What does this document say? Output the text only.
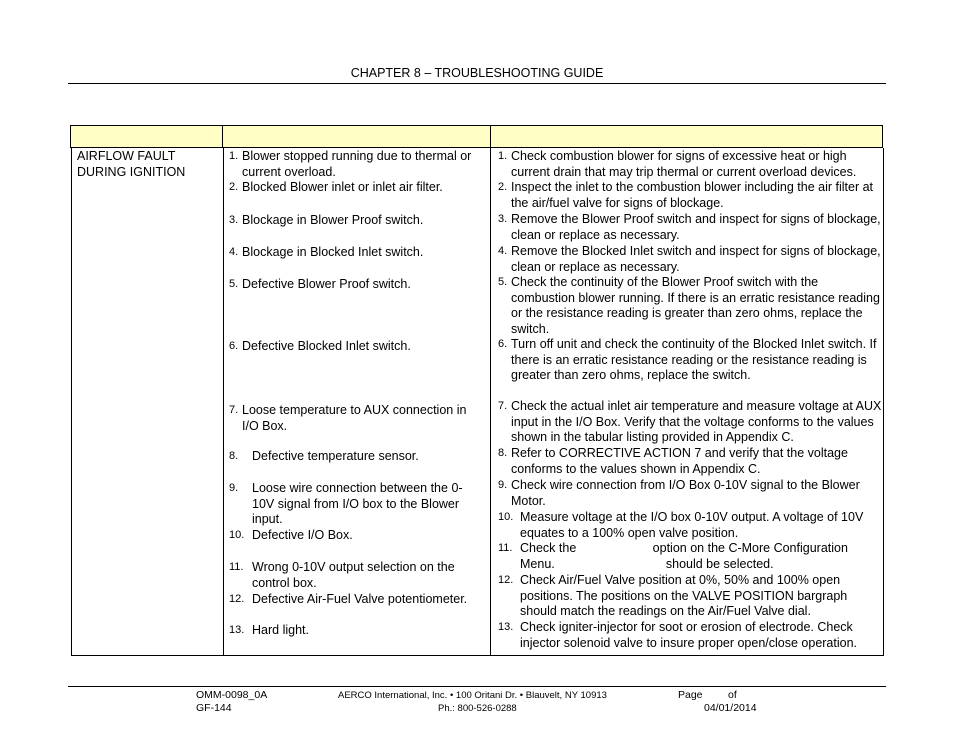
CHAPTER 8 – TROUBLESHOOTING GUIDE
AIRFLOW FAULT DURING IGNITION
1. Blower stopped running due to thermal or current overload.
2. Blocked Blower inlet or inlet air filter.
3. Blockage in Blower Proof switch.
4. Blockage in Blocked Inlet switch.
5. Defective Blower Proof switch.
6. Defective Blocked Inlet switch.
7. Loose temperature to AUX connection in I/O Box.
8.	Defective temperature sensor.
9.	Loose wire connection between the 0-10V signal from I/O box to the Blower input.
10. Defective I/O Box.
11. Wrong 0-10V output selection on the control box.
12. Defective Air-Fuel Valve potentiometer.
13. Hard light.
1. Check combustion blower for signs of excessive heat or high current drain that may trip thermal or current overload devices.
2. Inspect the inlet to the combustion blower including the air filter at the air/fuel valve for signs of blockage.
3. Remove the Blower Proof switch and inspect for signs of blockage, clean or replace as necessary.
4. Remove the Blocked Inlet switch and inspect for signs of blockage, clean or replace as necessary.
5. Check the continuity of the Blower Proof switch with the combustion blower running. If there is an erratic resistance reading or the resistance reading is greater than zero ohms, replace the switch.
6. Turn off unit and check the continuity of the Blocked Inlet switch. If there is an erratic resistance reading or the resistance reading is greater than zero ohms, replace the switch.
7. Check the actual inlet air temperature and measure voltage at AUX input in the I/O Box. Verify that the voltage conforms to the values shown in the tabular listing provided in Appendix C.
8. Refer to CORRECTIVE ACTION 7 and verify that the voltage conforms to the values shown in Appendix C.
9. Check wire connection from I/O Box 0-10V signal to the Blower Motor.
10. Measure voltage at the I/O box 0-10V output. A voltage of 10V equates to a 100% open valve position.
11. Check the                      option on the C-More Configuration Menu.                                should be selected.
12. Check Air/Fuel Valve position at 0%, 50% and 100% open positions. The positions on the VALVE POSITION bargraph should match the readings on the Air/Fuel Valve dial.
13. Check igniter-injector for soot or erosion of electrode. Check injector solenoid valve to insure proper open/close operation.
OMM-0098_0A
GF-144
AERCO International, Inc. • 100 Oritani Dr. • Blauvelt, NY 10913
Ph.: 800-526-0288
Page of
04/01/2014
